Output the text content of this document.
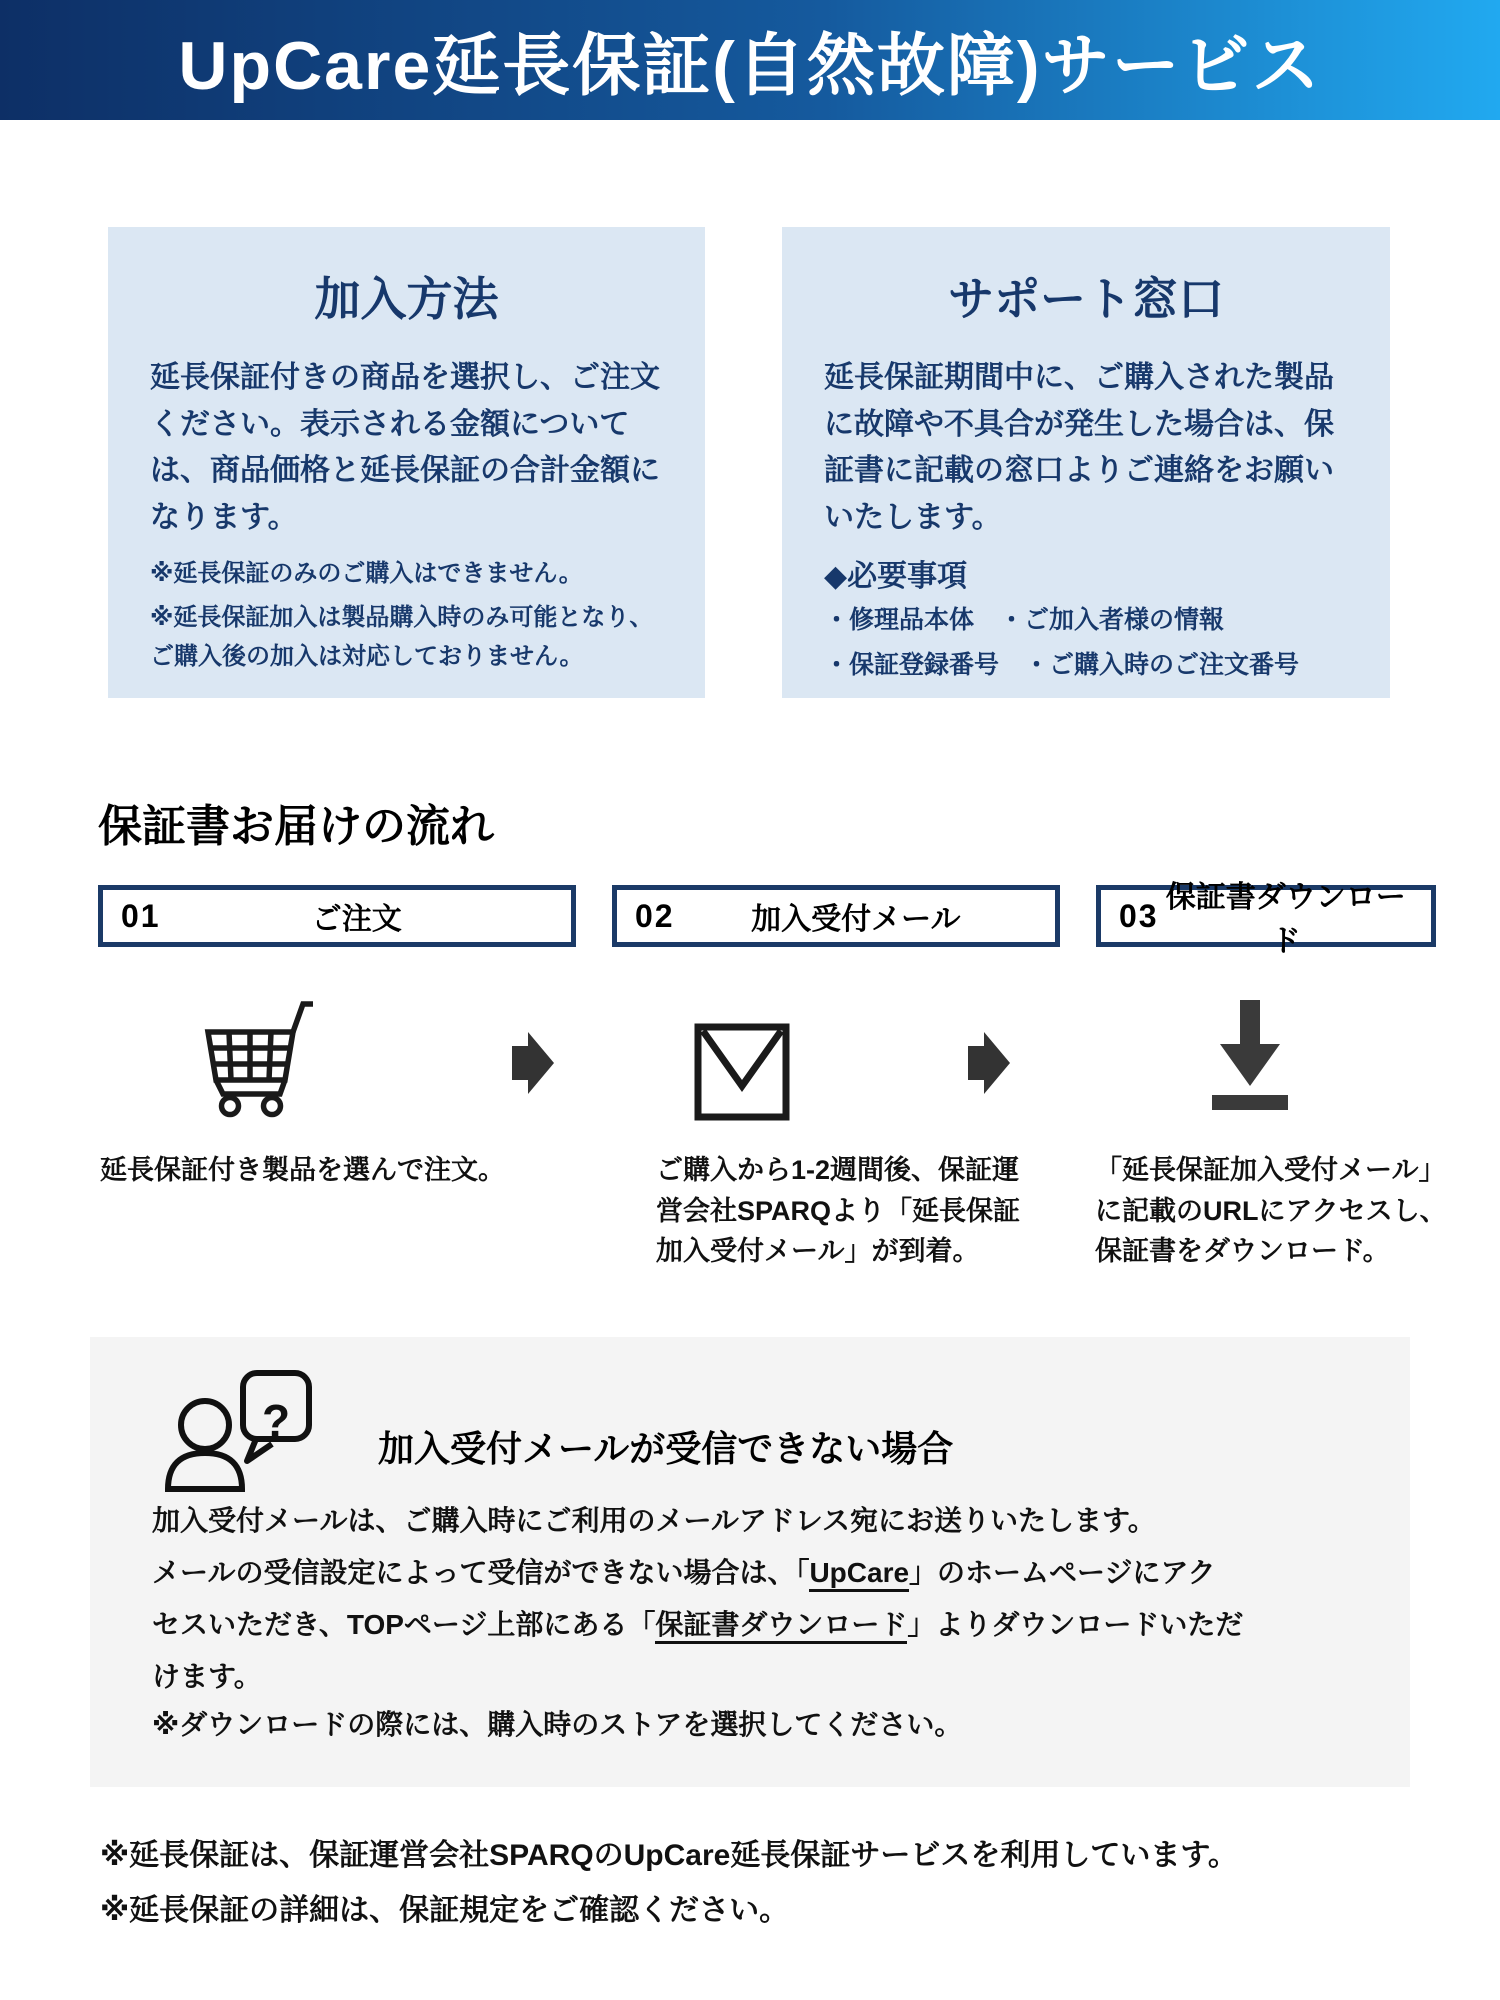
UpCare延長保証(自然故障)サービス
加入方法

延長保証付きの商品を選択し、ご注文ください。表示される金額については、商品価格と延長保証の合計金額になります。

※延長保証のみのご購入はできません。

※延長保証加入は製品購入時のみ可能となり、ご購入後の加入は対応しておりません。

サポート窓口

延長保証期間中に、ご購入された製品に故障や不具合が発生した場合は、保証書に記載の窓口よりご連絡をお願いいたします。

◆必要事項

・修理品本体　・ご加入者様の情報

・保証登録番号　・ご購入時のご注文番号

保証書お届けの流れ
01	ご注文	02	加入受付メール	03 保証書ダウンロード
延長保証付き製品を選んで注文。	ご購入から1-2週間後、保証運営会社SPARQより「延長保証加入受付メール」が到着。
「延長保証加入受付メール」に記載のURLにアクセスし、保証書をダウンロード。
?
加入受付メールが受信できない場合

加入受付メールは、ご購入時にご利用のメールアドレス宛にお送りいたします。
メールの受信設定によって受信ができない場合は、「UpCare」のホームページにアク
セスいただき、TOPページ上部にある「保証書ダウンロード」よりダウンロードいただ
けます。

※ダウンロードの際には、購入時のストアを選択してください。

※延長保証は、保証運営会社SPARQのUpCare延長保証サービスを利用しています。

※延長保証の詳細は、保証規定をご確認ください。
